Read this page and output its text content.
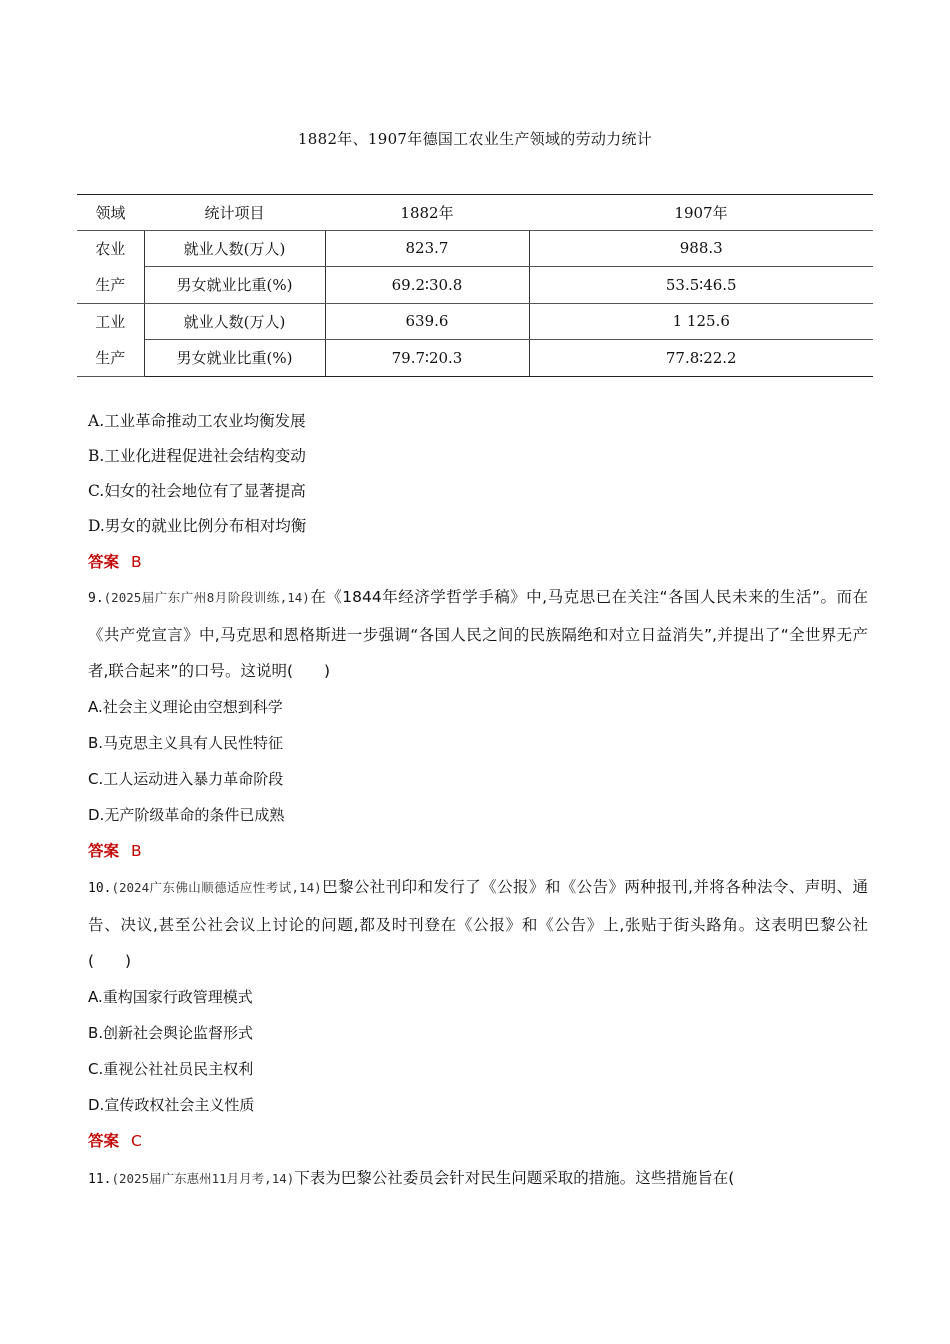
1882年、1907年德国工农业生产领域的劳动力统计
领域	统计项目	1882年	1907年
农业
生产	就业人数(万人)	823.7	988.3
	男女就业比重(%)	69.2∶30.8	53.5∶46.5
工业
生产	就业人数(万人)	639.6	1 125.6
	男女就业比重(%)	79.7∶20.3	77.8∶22.2
A.工业革命推动工农业均衡发展
B.工业化进程促进社会结构变动
C.妇女的社会地位有了显著提高
D.男女的就业比例分布相对均衡
答案 B
9.(2025届广东广州8月阶段训练,14)在《1844年经济学哲学手稿》中,马克思已在关注“各国人民未来的生活”。而在《共产党宣言》中,马克思和恩格斯进一步强调“各国人民之间的民族隔绝和对立日益消失”,并提出了“全世界无产者,联合起来”的口号。这说明(　　)
A.社会主义理论由空想到科学
B.马克思主义具有人民性特征
C.工人运动进入暴力革命阶段
D.无产阶级革命的条件已成熟
答案 B
10.(2024广东佛山顺德适应性考试,14)巴黎公社刊印和发行了《公报》和《公告》两种报刊,并将各种法令、声明、通告、决议,甚至公社会议上讨论的问题,都及时刊登在《公报》和《公告》上,张贴于街头路角。这表明巴黎公社(　　)
A.重构国家行政管理模式
B.创新社会舆论监督形式
C.重视公社社员民主权利
D.宣传政权社会主义性质
答案 C
11.(2025届广东惠州11月月考,14)下表为巴黎公社委员会针对民生问题采取的措施。这些措施旨在(
